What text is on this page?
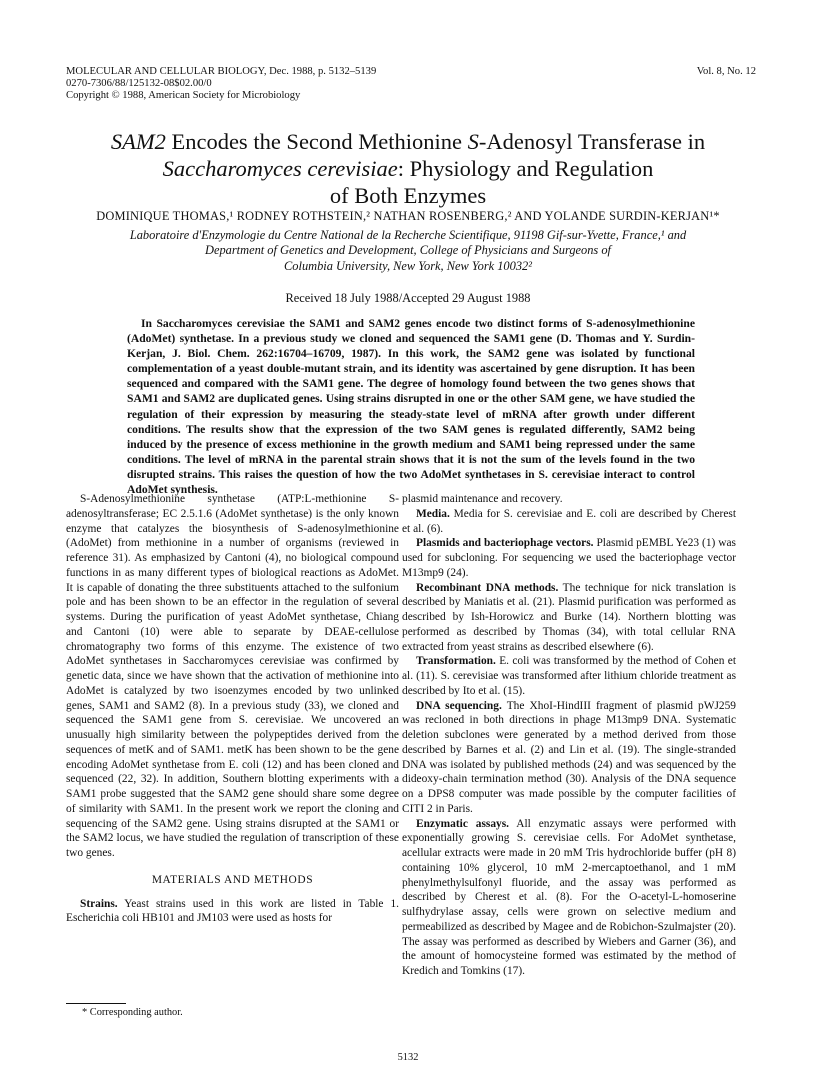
MOLECULAR AND CELLULAR BIOLOGY, Dec. 1988, p. 5132–5139	Vol. 8, No. 12
0270-7306/88/125132-08$02.00/0
Copyright © 1988, American Society for Microbiology
SAM2 Encodes the Second Methionine S-Adenosyl Transferase in
Saccharomyces cerevisiae: Physiology and Regulation
of Both Enzymes
DOMINIQUE THOMAS,¹ RODNEY ROTHSTEIN,² NATHAN ROSENBERG,² AND YOLANDE SURDIN-KERJAN¹*
Laboratoire d'Enzymologie du Centre National de la Recherche Scientifique, 91198 Gif-sur-Yvette, France,¹ and
Department of Genetics and Development, College of Physicians and Surgeons of
Columbia University, New York, New York 10032²
Received 18 July 1988/Accepted 29 August 1988
In Saccharomyces cerevisiae the SAM1 and SAM2 genes encode two distinct forms of S-adenosylmethionine (AdoMet) synthetase. In a previous study we cloned and sequenced the SAM1 gene (D. Thomas and Y. Surdin-Kerjan, J. Biol. Chem. 262:16704–16709, 1987). In this work, the SAM2 gene was isolated by functional complementation of a yeast double-mutant strain, and its identity was ascertained by gene disruption. It has been sequenced and compared with the SAM1 gene. The degree of homology found between the two genes shows that SAM1 and SAM2 are duplicated genes. Using strains disrupted in one or the other SAM gene, we have studied the regulation of their expression by measuring the steady-state level of mRNA after growth under different conditions. The results show that the expression of the two SAM genes is regulated differently, SAM2 being induced by the presence of excess methionine in the growth medium and SAM1 being repressed under the same conditions. The level of mRNA in the parental strain shows that it is not the sum of the levels found in the two disrupted strains. This raises the question of how the two AdoMet synthetases in S. cerevisiae interact to control AdoMet synthesis.

S-Adenosylmethionine synthetase (ATP:L-methionine S-adenosyltransferase; EC 2.5.1.6 (AdoMet synthetase) is the only known enzyme that catalyzes the biosynthesis of S-adenosylmethionine (AdoMet) from methionine in a number of organisms (reviewed in reference 31). As emphasized by Cantoni (4), no biological compound functions in as many different types of biological reactions as AdoMet. It is capable of donating the three substituents attached to the sulfonium pole and has been shown to be an effector in the regulation of several systems. During the purification of yeast AdoMet synthetase, Chiang and Cantoni (10) were able to separate by DEAE-cellulose chromatography two forms of this enzyme. The existence of two AdoMet synthetases in Saccharomyces cerevisiae was confirmed by genetic data, since we have shown that the activation of methionine into AdoMet is catalyzed by two isoenzymes encoded by two unlinked genes, SAM1 and SAM2 (8). In a previous study (33), we cloned and sequenced the SAM1 gene from S. cerevisiae. We uncovered an unusually high similarity between the polypeptides derived from the sequences of metK and of SAM1. metK has been shown to be the gene encoding AdoMet synthetase from E. coli (12) and has been cloned and sequenced (22, 32). In addition, Southern blotting experiments with a SAM1 probe suggested that the SAM2 gene should share some degree of similarity with SAM1. In the present work we report the cloning and sequencing of the SAM2 gene. Using strains disrupted at the SAM1 or the SAM2 locus, we have studied the regulation of transcription of these two genes.

MATERIALS AND METHODS

Strains. Yeast strains used in this work are listed in Table 1. Escherichia coli HB101 and JM103 were used as hosts for

plasmid maintenance and recovery.

Media. Media for S. cerevisiae and E. coli are described by Cherest et al. (6).

Plasmids and bacteriophage vectors. Plasmid pEMBL Ye23 (1) was used for subcloning. For sequencing we used the bacteriophage vector M13mp9 (24).

Recombinant DNA methods. The technique for nick translation is described by Maniatis et al. (21). Plasmid purification was performed as described by Ish-Horowicz and Burke (14). Northern blotting was performed as described by Thomas (34), with total cellular RNA extracted from yeast strains as described elsewhere (6).

Transformation. E. coli was transformed by the method of Cohen et al. (11). S. cerevisiae was transformed after lithium chloride treatment as described by Ito et al. (15).

DNA sequencing. The XhoI-HindIII fragment of plasmid pWJ259 was recloned in both directions in phage M13mp9 DNA. Systematic deletion subclones were generated by a method derived from those described by Barnes et al. (2) and Lin et al. (19). The single-stranded DNA was isolated by published methods (24) and was sequenced by the dideoxy-chain termination method (30). Analysis of the DNA sequence on a DPS8 computer was made possible by the computer facilities of CITI 2 in Paris.

Enzymatic assays. All enzymatic assays were performed with exponentially growing S. cerevisiae cells. For AdoMet synthetase, acellular extracts were made in 20 mM Tris hydrochloride buffer (pH 8) containing 10% glycerol, 10 mM 2-mercaptoethanol, and 1 mM phenylmethylsulfonyl fluoride, and the assay was performed as described by Cherest et al. (8). For the O-acetyl-L-homoserine sulfhydrylase assay, cells were grown on selective medium and permeabilized as described by Magee and de Robichon-Szulmajster (20). The assay was performed as described by Wiebers and Garner (36), and the amount of homocysteine formed was estimated by the method of Kredich and Tomkins (17).

* Corresponding author.
5132
